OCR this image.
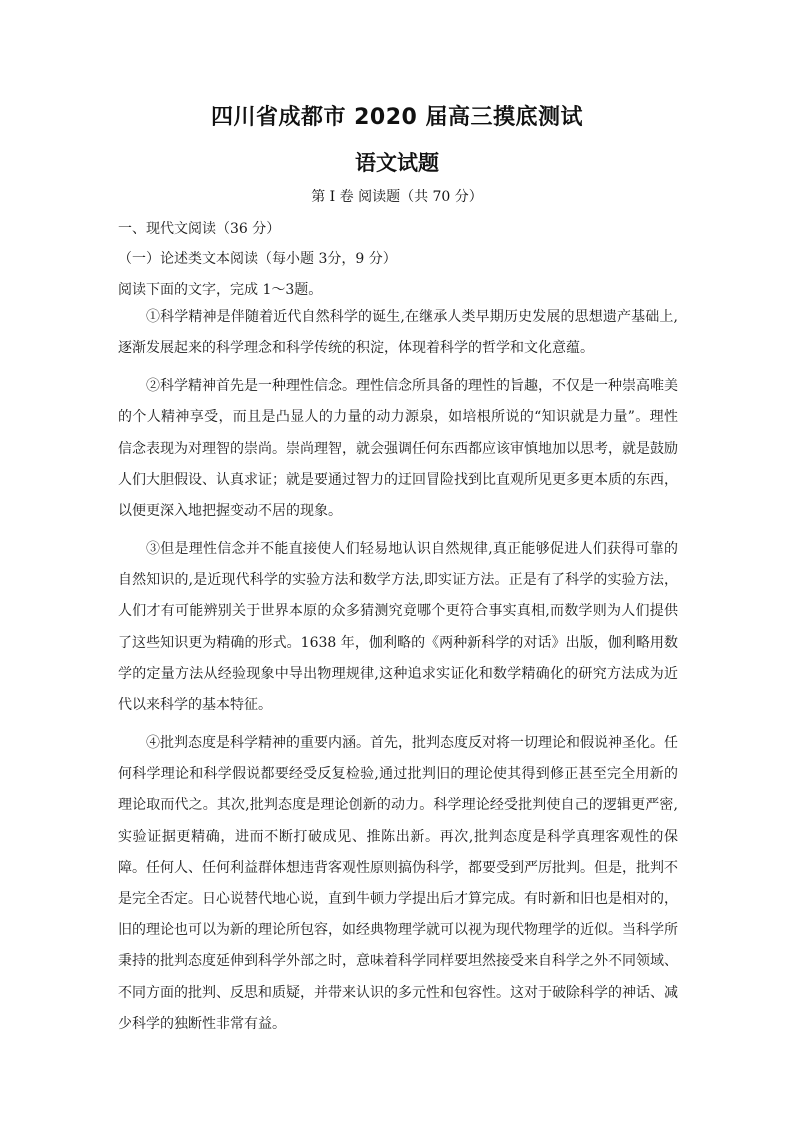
四川省成都市 2020 届高三摸底测试
语文试题
第 I 卷 阅读题（共 70 分）
一、现代文阅读（36 分）
（一）论述类文本阅读（每小题 3分，9 分）
阅读下面的文字，完成 1～3题。

①科学精神是伴随着近代自然科学的诞生,在继承人类早期历史发展的思想遗产基础上,逐渐发展起来的科学理念和科学传统的积淀，体现着科学的哲学和文化意蕴。

②科学精神首先是一种理性信念。理性信念所具备的理性的旨趣，不仅是一种崇高唯美的个人精神享受，而且是凸显人的力量的动力源泉，如培根所说的“知识就是力量”。理性信念表现为对理智的崇尚。崇尚理智，就会强调任何东西都应该审慎地加以思考，就是鼓励人们大胆假设、认真求证；就是要通过智力的迂回冒险找到比直观所见更多更本质的东西，以便更深入地把握变动不居的现象。

③但是理性信念并不能直接使人们轻易地认识自然规律,真正能够促进人们获得可靠的自然知识的,是近现代科学的实验方法和数学方法,即实证方法。正是有了科学的实验方法，人们才有可能辨别关于世界本原的众多猜测究竟哪个更符合事实真相,而数学则为人们提供了这些知识更为精确的形式。1638 年，伽利略的《两种新科学的对话》出版，伽利略用数学的定量方法从经验现象中导出物理规律,这种追求实证化和数学精确化的研究方法成为近代以来科学的基本特征。

④批判态度是科学精神的重要内涵。首先，批判态度反对将一切理论和假说神圣化。任何科学理论和科学假说都要经受反复检验,通过批判旧的理论使其得到修正甚至完全用新的理论取而代之。其次,批判态度是理论创新的动力。科学理论经受批判使自己的逻辑更严密,实验证据更精确，进而不断打破成见、推陈出新。再次,批判态度是科学真理客观性的保障。任何人、任何利益群体想违背客观性原则搞伪科学，都要受到严厉批判。但是，批判不是完全否定。日心说替代地心说，直到牛顿力学提出后才算完成。有时新和旧也是相对的，旧的理论也可以为新的理论所包容，如经典物理学就可以视为现代物理学的近似。当科学所秉持的批判态度延伸到科学外部之时，意味着科学同样要坦然接受来自科学之外不同领域、不同方面的批判、反思和质疑，并带来认识的多元性和包容性。这对于破除科学的神话、减少科学的独断性非常有益。
